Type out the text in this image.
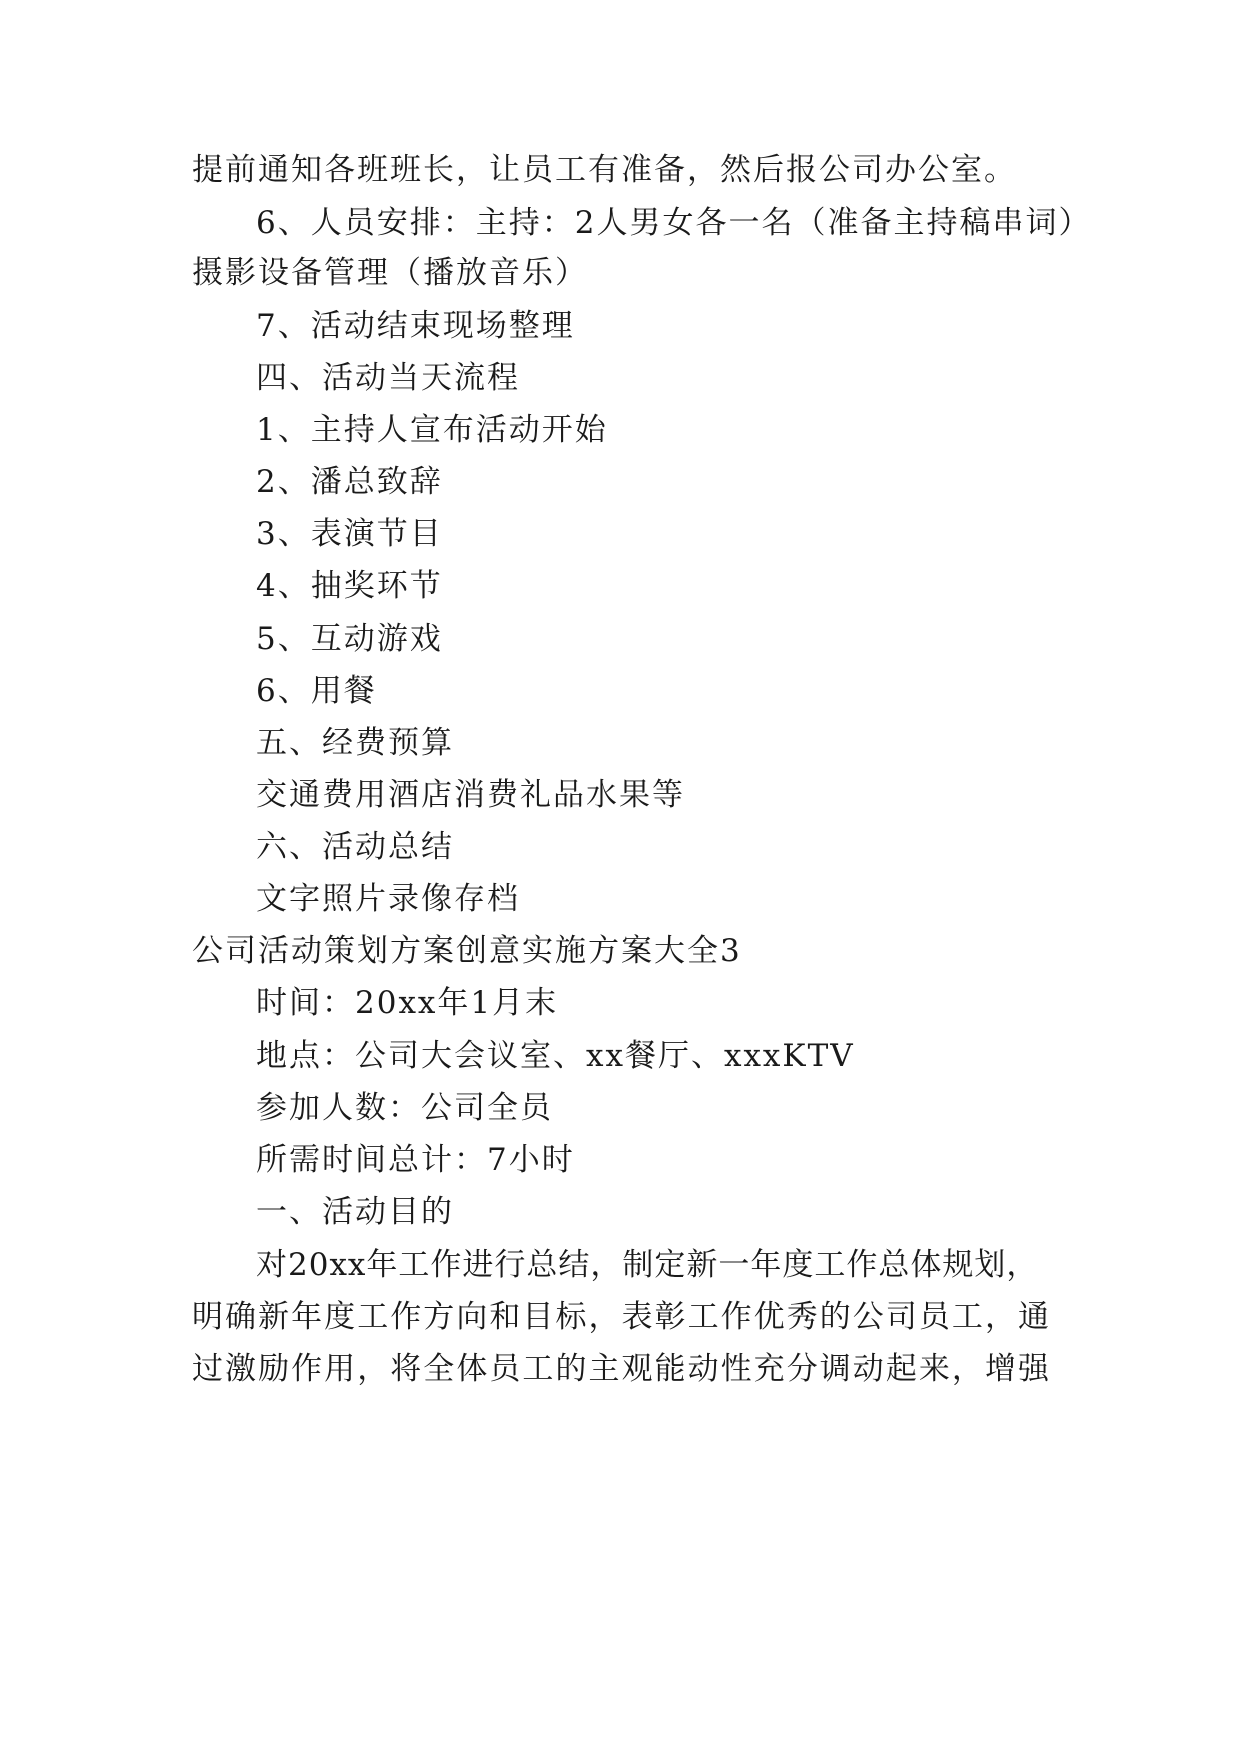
提前通知各班班长，让员工有准备，然后报公司办公室。
6、人员安排：主持：2人男女各一名（准备主持稿串词）
摄影设备管理（播放音乐）
7、活动结束现场整理
四、活动当天流程
1、主持人宣布活动开始
2、潘总致辞
3、表演节目
4、抽奖环节
5、互动游戏
6、用餐
五、经费预算
交通费用酒店消费礼品水果等
六、活动总结
文字照片录像存档
公司活动策划方案创意实施方案大全3
时间：20xx年1月末
地点：公司大会议室、xx餐厅、xxxKTV
参加人数：公司全员
所需时间总计：7小时
一、活动目的
对20xx年工作进行总结，制定新一年度工作总体规划，
明确新年度工作方向和目标，表彰工作优秀的公司员工，通
过激励作用，将全体员工的主观能动性充分调动起来，增强
